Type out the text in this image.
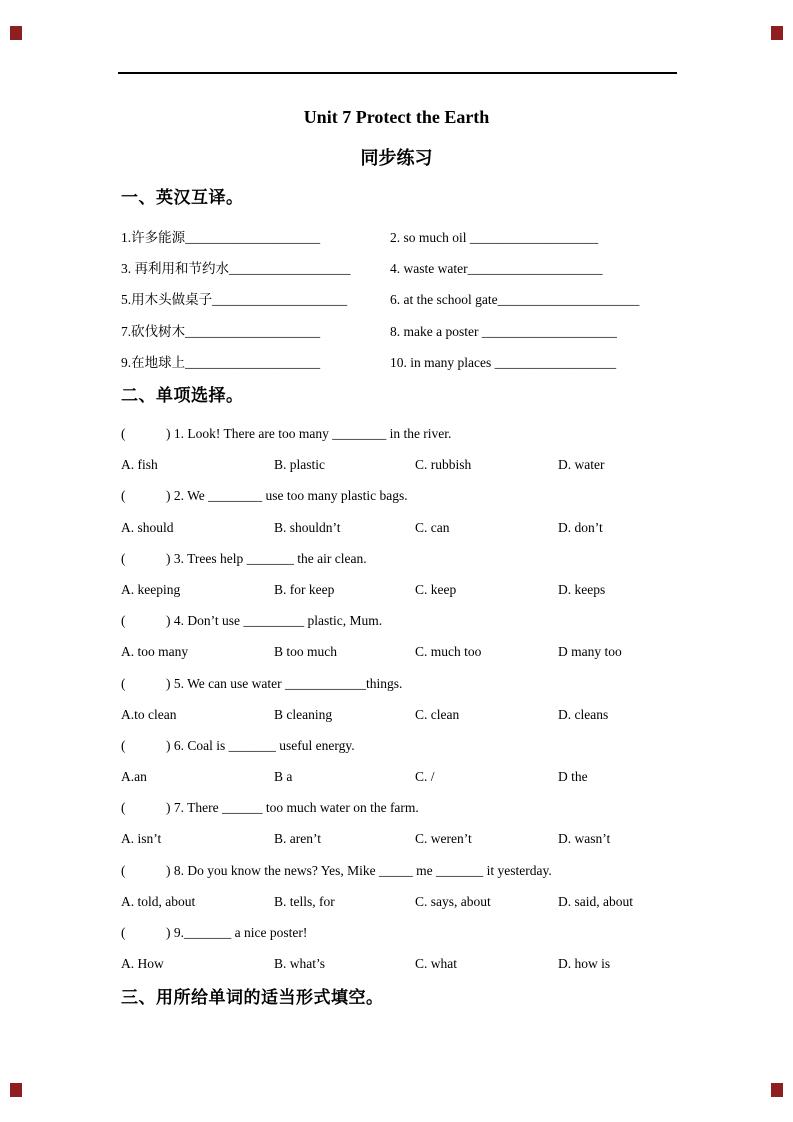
Unit 7 Protect the Earth
同步练习
一、英汉互译。
1.许多能源____________________	2. so much oil ___________________
3. 再利用和节约水__________________	4. waste water____________________
5.用木头做桌子____________________	6. at the school gate_____________________
7.砍伐树木____________________	8. make a poster ____________________
9.在地球上____________________	10. in many places __________________
二、单项选择。
(            ) 1. Look! There are too many ________ in the river.
A. fish	B. plastic	C. rubbish	D. water
(            ) 2. We ________ use too many plastic bags.
A. should	B. shouldn’t	C. can	D. don’t
(            ) 3. Trees help _______ the air clean.
A. keeping	B. for keep	C. keep	D. keeps
(            ) 4. Don’t use _________ plastic, Mum.
A. too many	B too much	C. much too	D many too
(            ) 5. We can use water ____________things.
A.to clean	B cleaning	C. clean	D. cleans
(            ) 6. Coal is _______ useful energy.
A.an	B a	C. /	D the
(            ) 7. There ______ too much water on the farm.
A. isn’t	B. aren’t	C. weren’t	D. wasn’t
(            ) 8. Do you know the news? Yes, Mike _____ me _______ it yesterday.
A. told, about	B. tells, for	C. says, about	D. said, about
(            ) 9._______ a nice poster!
A. How	B. what’s	C. what	D. how is
三、用所给单词的适当形式填空。
